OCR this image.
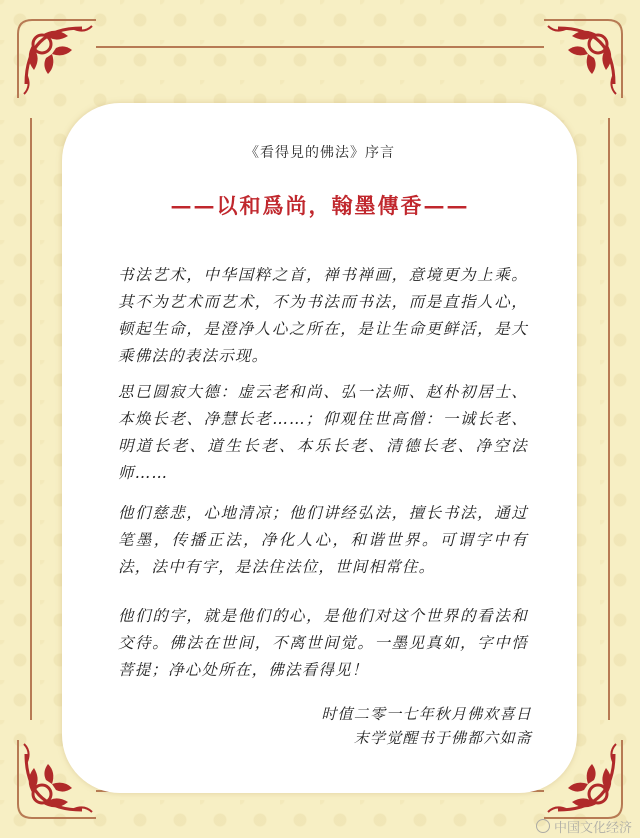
《看得見的佛法》序言
——以和爲尚，翰墨傳香——
书法艺术，中华国粹之首，禅书禅画，意境更为上乘。其不为艺术而艺术，不为书法而书法，而是直指人心，顿起生命，是澄净人心之所在，是让生命更鲜活，是大乘佛法的表法示现。
思已圆寂大德：虚云老和尚、弘一法师、赵朴初居士、本焕长老、净慧长老……；仰观住世高僧：一诚长老、明道长老、道生长老、本乐长老、清德长老、净空法师……
他们慈悲，心地清凉；他们讲经弘法，擅长书法，通过笔墨，传播正法，净化人心，和谐世界。可谓字中有法，法中有字，是法住法位，世间相常住。
他们的字，就是他们的心，是他们对这个世界的看法和交待。佛法在世间，不离世间觉。一墨见真如，字中悟菩提；净心处所在，佛法看得见！
时值二零一七年秋月佛欢喜日
末学觉醒书于佛都六如斋
中国文化经济
